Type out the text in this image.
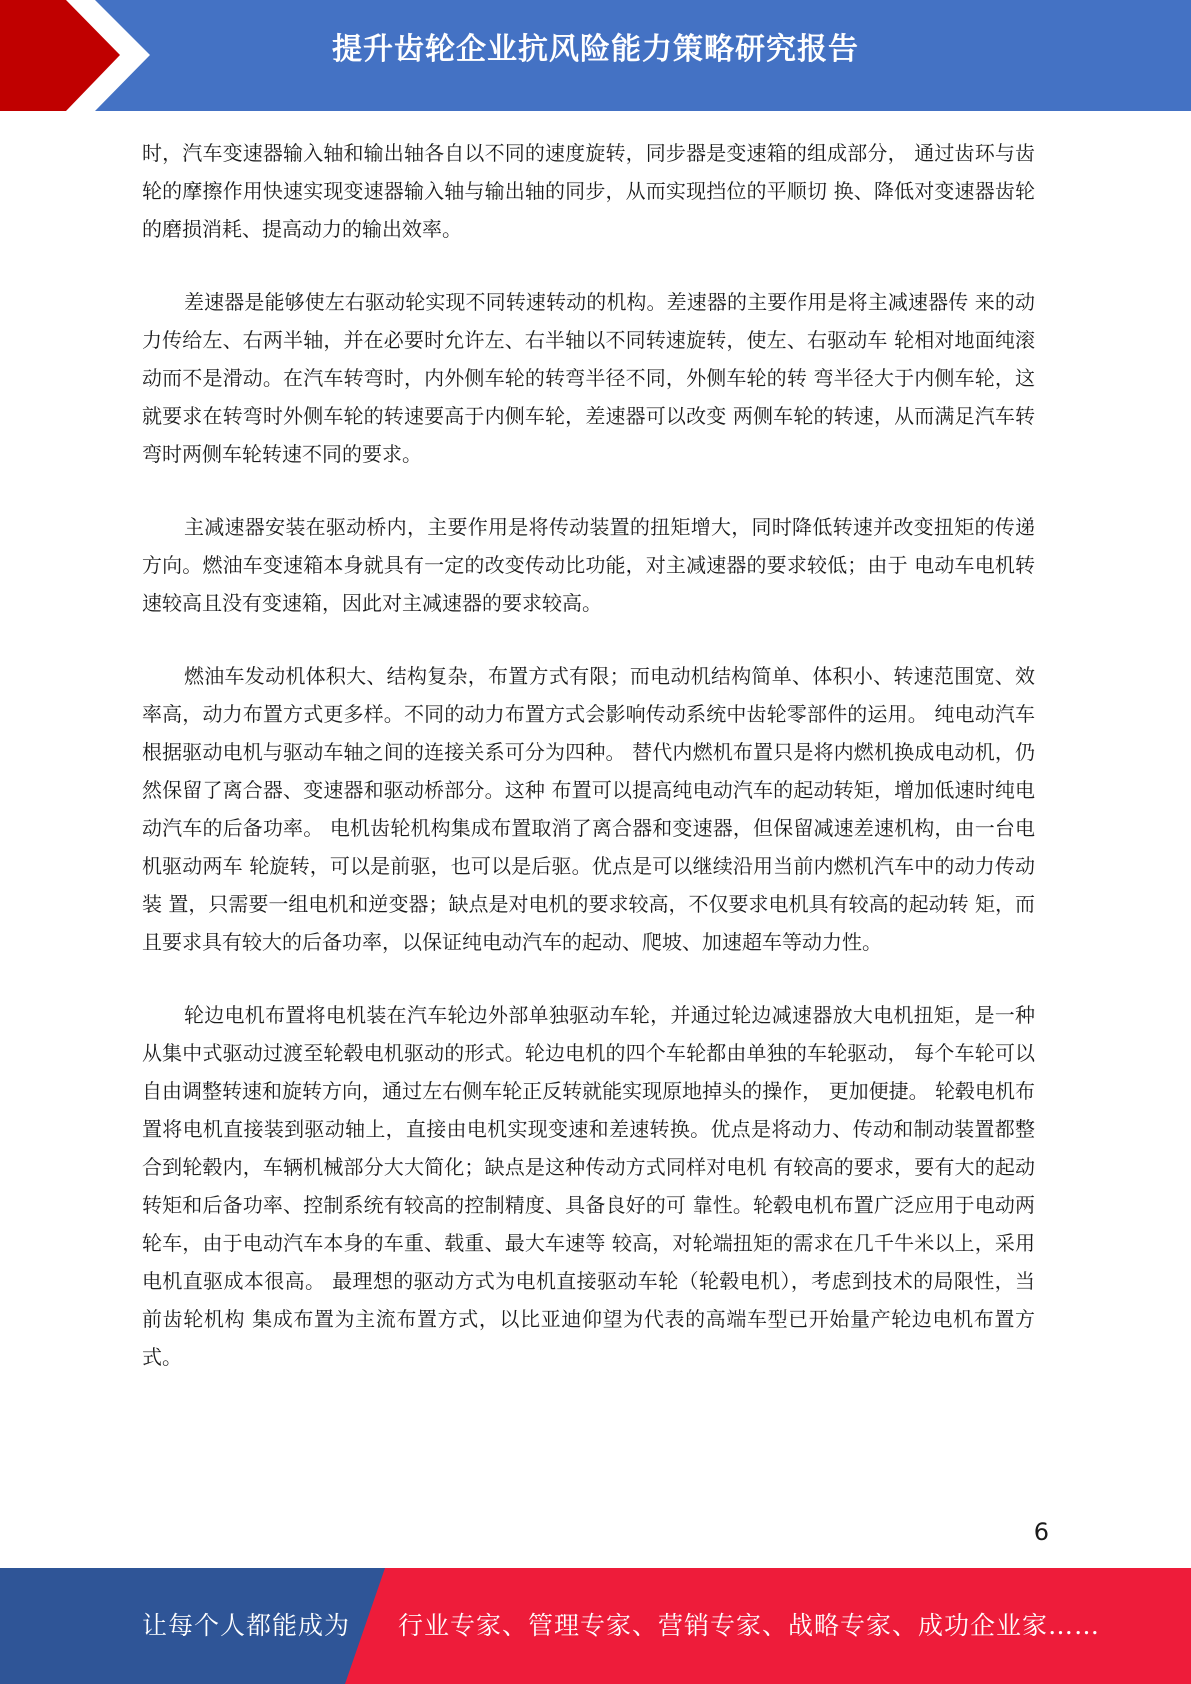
提升齿轮企业抗风险能力策略研究报告

时，汽车变速器输入轴和输出轴各自以不同的速度旋转，同步器是变速箱的组成部分， 通过齿环与齿轮的摩擦作用快速实现变速器输入轴与输出轴的同步，从而实现挡位的平顺切 换、降低对变速器齿轮的磨损消耗、提高动力的输出效率。

差速器是能够使左右驱动轮实现不同转速转动的机构。差速器的主要作用是将主减速器传 来的动力传给左、右两半轴，并在必要时允许左、右半轴以不同转速旋转，使左、右驱动车 轮相对地面纯滚动而不是滑动。在汽车转弯时，内外侧车轮的转弯半径不同，外侧车轮的转 弯半径大于内侧车轮，这就要求在转弯时外侧车轮的转速要高于内侧车轮，差速器可以改变 两侧车轮的转速，从而满足汽车转弯时两侧车轮转速不同的要求。

主减速器安装在驱动桥内，主要作用是将传动装置的扭矩增大，同时降低转速并改变扭矩的传递方向。燃油车变速箱本身就具有一定的改变传动比功能，对主减速器的要求较低；由于 电动车电机转速较高且没有变速箱，因此对主减速器的要求较高。

燃油车发动机体积大、结构复杂，布置方式有限；而电动机结构简单、体积小、转速范围宽、效率高，动力布置方式更多样。不同的动力布置方式会影响传动系统中齿轮零部件的运用。 纯电动汽车根据驱动电机与驱动车轴之间的连接关系可分为四种。 替代内燃机布置只是将内燃机换成电动机，仍然保留了离合器、变速器和驱动桥部分。这种 布置可以提高纯电动汽车的起动转矩，增加低速时纯电动汽车的后备功率。 电机齿轮机构集成布置取消了离合器和变速器，但保留减速差速机构，由一台电机驱动两车 轮旋转，可以是前驱，也可以是后驱。优点是可以继续沿用当前内燃机汽车中的动力传动装 置，只需要一组电机和逆变器；缺点是对电机的要求较高，不仅要求电机具有较高的起动转 矩，而且要求具有较大的后备功率，以保证纯电动汽车的起动、爬坡、加速超车等动力性。

轮边电机布置将电机装在汽车轮边外部单独驱动车轮，并通过轮边减速器放大电机扭矩，是一种从集中式驱动过渡至轮毂电机驱动的形式。轮边电机的四个车轮都由单独的车轮驱动， 每个车轮可以自由调整转速和旋转方向，通过左右侧车轮正反转就能实现原地掉头的操作， 更加便捷。 轮毂电机布置将电机直接装到驱动轴上，直接由电机实现变速和差速转换。优点是将动力、传动和制动装置都整合到轮毂内，车辆机械部分大大简化；缺点是这种传动方式同样对电机 有较高的要求，要有大的起动转矩和后备功率、控制系统有较高的控制精度、具备良好的可 靠性。轮毂电机布置广泛应用于电动两轮车，由于电动汽车本身的车重、载重、最大车速等 较高，对轮端扭矩的需求在几千牛米以上，采用电机直驱成本很高。 最理想的驱动方式为电机直接驱动车轮（轮毂电机），考虑到技术的局限性，当前齿轮机构 集成布置为主流布置方式，以比亚迪仰望为代表的高端车型已开始量产轮边电机布置方式。

6
让每个人都能成为 行业专家、管理专家、营销专家、战略专家、成功企业家……
